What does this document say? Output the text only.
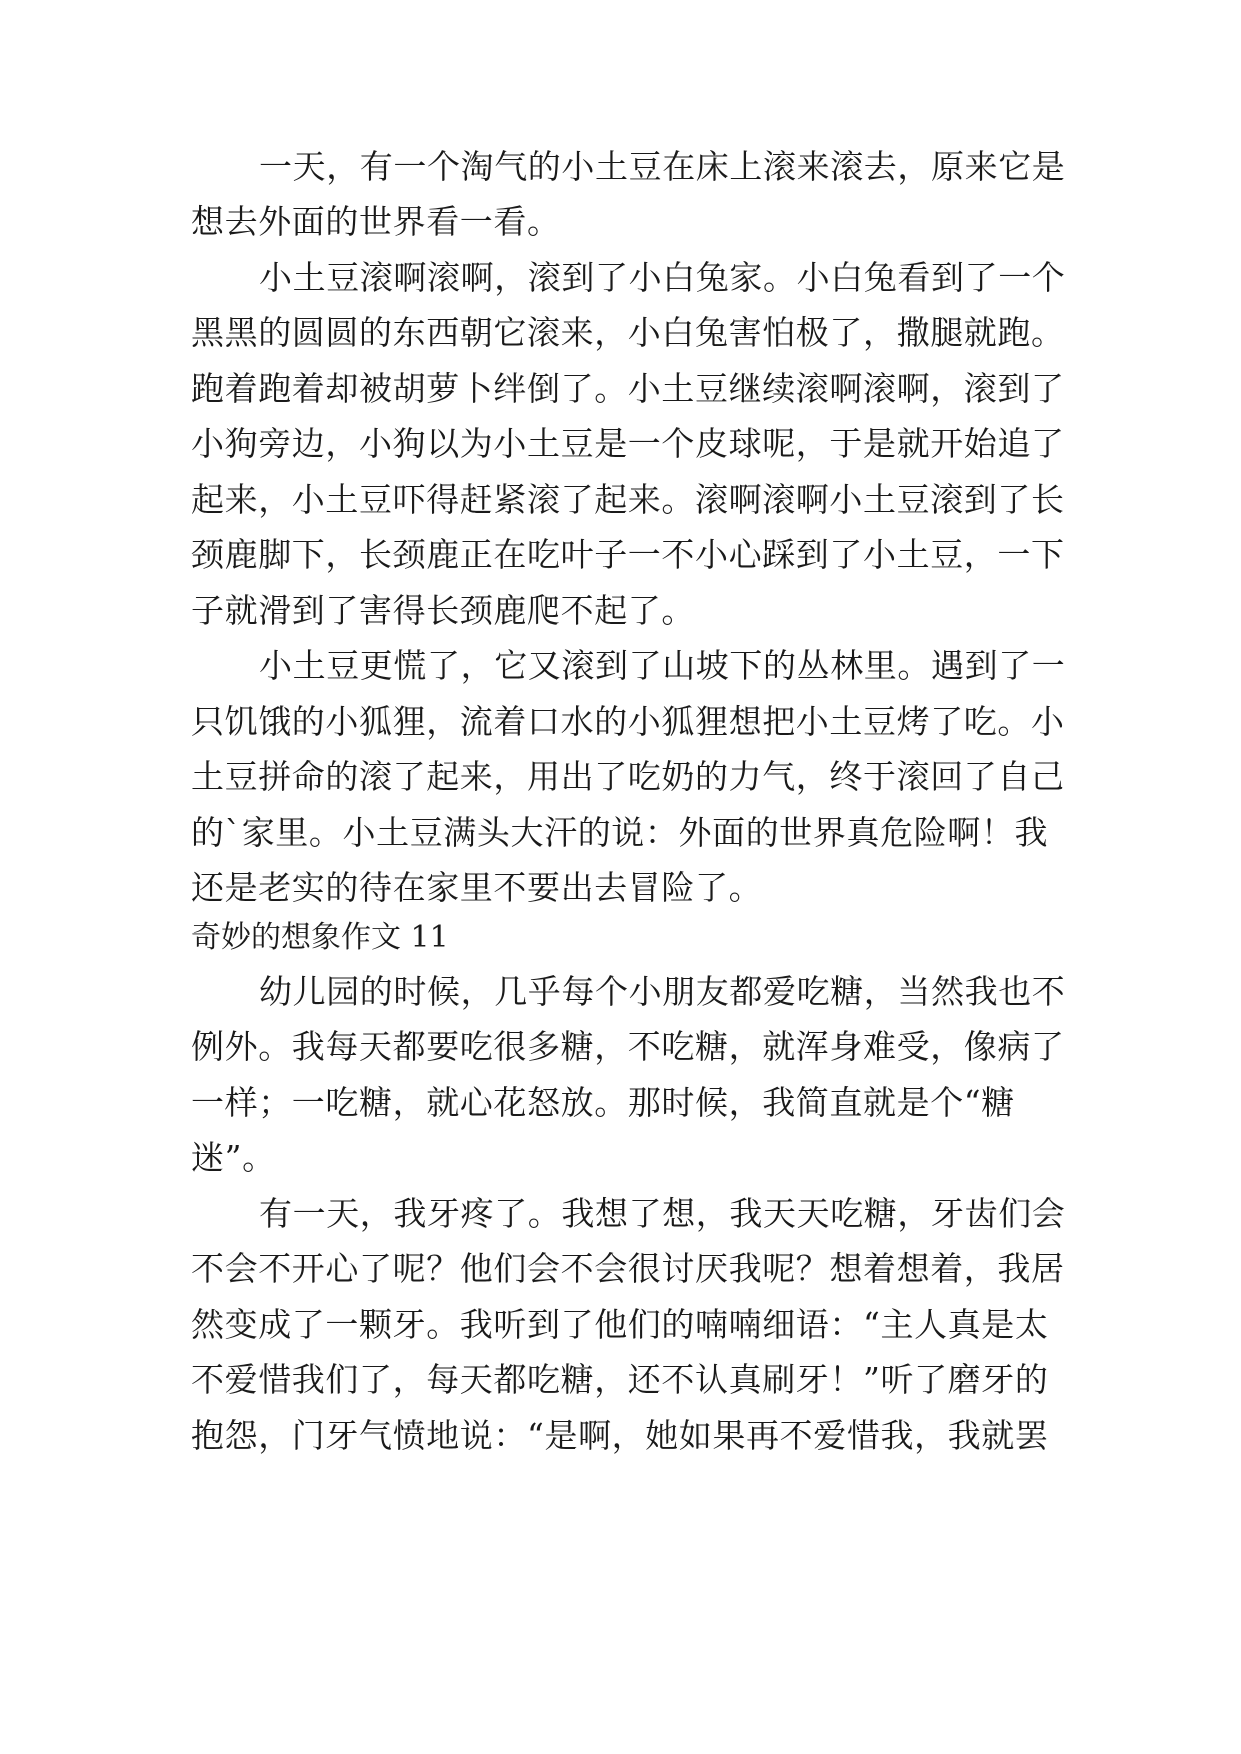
一天，有一个淘气的小土豆在床上滚来滚去，原来它是
想去外面的世界看一看。
小土豆滚啊滚啊，滚到了小白兔家。小白兔看到了一个
黑黑的圆圆的东西朝它滚来，小白兔害怕极了，撒腿就跑。
跑着跑着却被胡萝卜绊倒了。小土豆继续滚啊滚啊，滚到了
小狗旁边，小狗以为小土豆是一个皮球呢，于是就开始追了
起来，小土豆吓得赶紧滚了起来。滚啊滚啊小土豆滚到了长
颈鹿脚下，长颈鹿正在吃叶子一不小心踩到了小土豆，一下
子就滑到了害得长颈鹿爬不起了。
小土豆更慌了，它又滚到了山坡下的丛林里。遇到了一
只饥饿的小狐狸，流着口水的小狐狸想把小土豆烤了吃。小
土豆拼命的滚了起来，用出了吃奶的力气，终于滚回了自己
的`家里。小土豆满头大汗的说：外面的世界真危险啊！我
还是老实的待在家里不要出去冒险了。
奇妙的想象作文 11
幼儿园的时候，几乎每个小朋友都爱吃糖，当然我也不
例外。我每天都要吃很多糖，不吃糖，就浑身难受，像病了
一样；一吃糖，就心花怒放。那时候，我简直就是个“糖
迷”。
有一天，我牙疼了。我想了想，我天天吃糖，牙齿们会
不会不开心了呢？他们会不会很讨厌我呢？想着想着，我居
然变成了一颗牙。我听到了他们的喃喃细语：“主人真是太
不爱惜我们了，每天都吃糖，还不认真刷牙！”听了磨牙的
抱怨，门牙气愤地说：“是啊，她如果再不爱惜我，我就罢
